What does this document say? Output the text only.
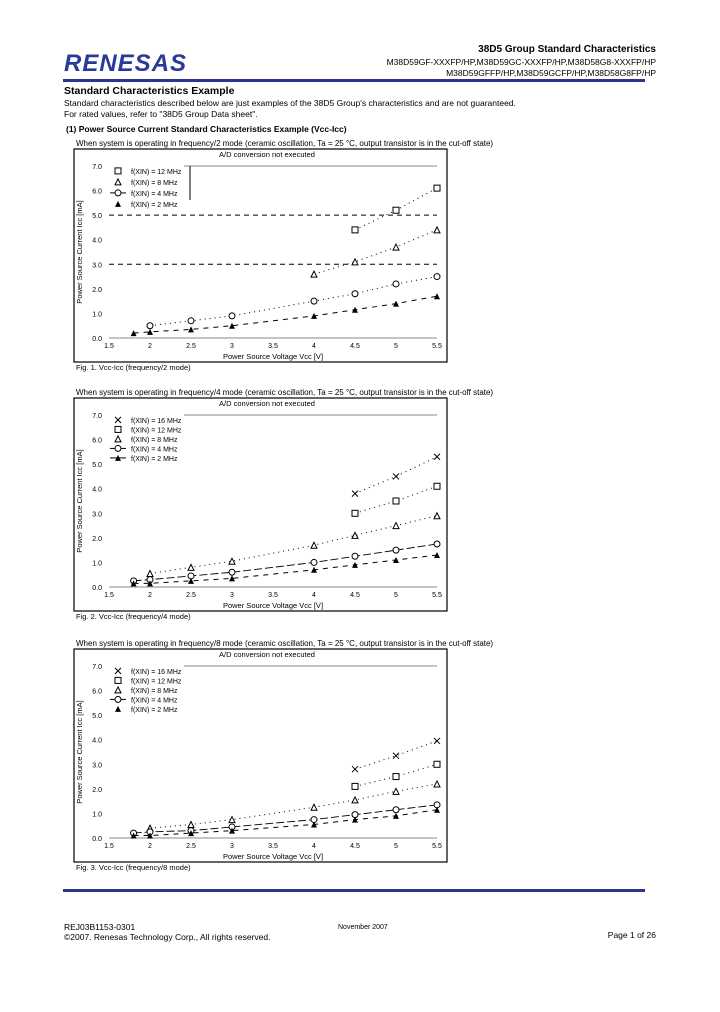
RENESAS
38D5 Group Standard Characteristics
M38D59GF-XXXFP/HP,M38D59GC-XXXFP/HP,M38D58G8-XXXFP/HP
M38D59GFFP/HP,M38D59GCFP/HP,M38D58G8FP/HP
Standard Characteristics Example
Standard characteristics described below are just examples of the 38D5 Group's characteristics and are not guaranteed.
For rated values, refer to "38D5 Group Data sheet".
(1) Power Source Current Standard Characteristics Example (Vcc-Icc)
When system is operating in frequency/2 mode (ceramic oscillation, Ta = 25 °C, output transistor is in the cut-off state)
A/D conversion not executed
0.0
1.0
2.0
3.0
4.0
5.0
6.0
7.0
1.5	2	2.5	3	3.5	4	4.5	5	5.5
Power Source Voltage Vcc [V]
Power Source Current Icc [mA]
f(XIN) = 12 MHz
f(XIN) = 8 MHz
f(XIN) = 4 MHz
f(XIN) = 2 MHz
Fig. 1. Vcc-Icc (frequency/2 mode)
When system is operating in frequency/4 mode (ceramic oscillation, Ta = 25 °C, output transistor is in the cut-off state)
A/D conversion not executed
0.0
1.0
2.0
3.0
4.0
5.0
6.0
7.0
1.5	2	2.5	3	3.5	4	4.5	5	5.5
Power Source Voltage Vcc [V]
Power Source Current Icc [mA]
f(XIN) = 16 MHz
f(XIN) = 12 MHz
f(XIN) = 8 MHz
f(XIN) = 4 MHz
f(XIN) = 2 MHz
Fig. 2. Vcc-Icc (frequency/4 mode)
When system is operating in frequency/8 mode (ceramic oscillation, Ta = 25 °C, output transistor is in the cut-off state)
A/D conversion not executed
0.0
1.0
2.0
3.0
4.0
5.0
6.0
7.0
1.5	2	2.5	3	3.5	4	4.5	5	5.5
Power Source Voltage Vcc [V]
Power Source Current Icc [mA]
f(XIN) = 16 MHz
f(XIN) = 12 MHz
f(XIN) = 8 MHz
f(XIN) = 4 MHz
f(XIN) = 2 MHz
Fig. 3. Vcc-Icc (frequency/8 mode)
REJ03B1153-0301
©2007. Renesas Technology Corp., All rights reserved.
November 2007
Page 1 of 26
